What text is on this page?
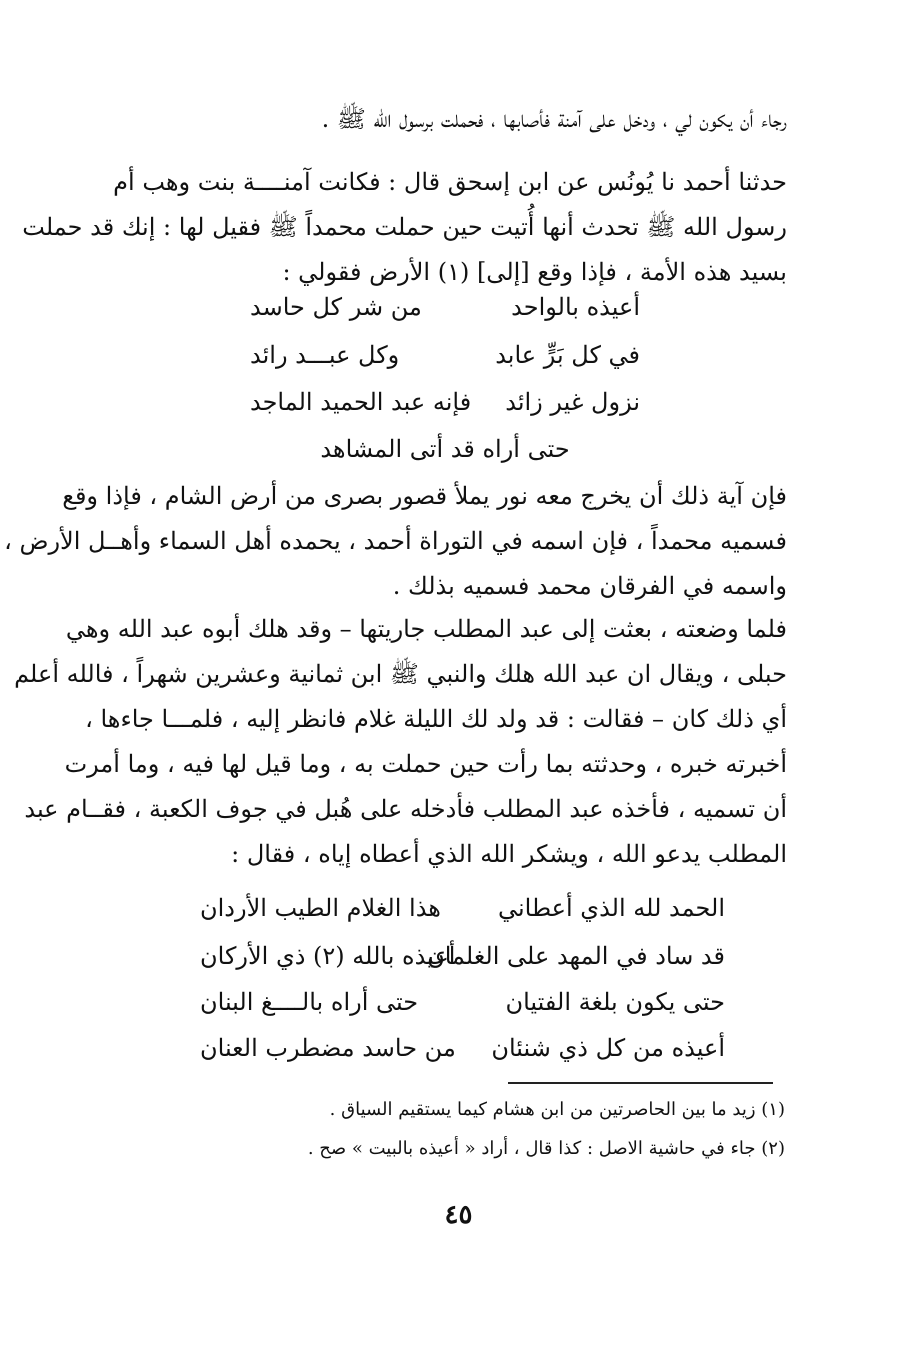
رجاء أن يكون لي ، ودخل على آمنة فأصابها ، فحملت برسول الله ﷺ .
حدثنا أحمد نا يُونُس عن ابن إسحق قال : فكانت آمنــــة بنت وهب أم
رسول الله ﷺ تحدث أنها أُتيت حين حملت محمداً ﷺ فقيل لها : إنك قد حملت
بسيد هذه الأمة ، فإذا وقع [إلى] (١) الأرض فقولي :
أعيذه بالواحد
من شر كل حاسد
في كل بَرٍّ عابد
وكل عبـــد رائد
نزول غير زائد
فإنه عبد الحميد الماجد
حتى أراه قد أتى المشاهد
فإن آية ذلك أن يخرج معه نور يملأ قصور بصرى من أرض الشام ، فإذا وقع
فسميه محمداً ، فإن اسمه في التوراة أحمد ، يحمده أهل السماء وأهــل الأرض ،
واسمه في الفرقان محمد فسميه بذلك .
فلما وضعته ، بعثت إلى عبد المطلب جاريتها – وقد هلك أبوه عبد الله وهي
حبلى ، ويقال ان عبد الله هلك والنبي ﷺ ابن ثمانية وعشرين شهراً ، فالله أعلم
أي ذلك كان – فقالت : قد ولد لك الليلة غلام فانظر إليه ، فلمـــا جاءها ،
أخبرته خبره ، وحدثته بما رأت حين حملت به ، وما قيل لها فيه ، وما أمرت
أن تسميه ، فأخذه عبد المطلب فأدخله على هُبل في جوف الكعبة ، فقــام عبد
المطلب يدعو الله ، ويشكر الله الذي أعطاه إياه ، فقال :
الحمد لله الذي أعطاني
هذا الغلام الطيب الأردان
قد ساد في المهد على الغلمان
أعيذه بالله (٢) ذي الأركان
حتى يكون بلغة الفتيان
حتى أراه بالــــغ البنان
أعيذه من كل ذي شنئان
من حاسد مضطرب العنان
(١) زيد ما بين الحاصرتين من ابن هشام كيما يستقيم السياق .
(٢) جاء في حاشية الاصل : كذا قال ، أراد « أعيذه بالبيت » صح .
٤٥
